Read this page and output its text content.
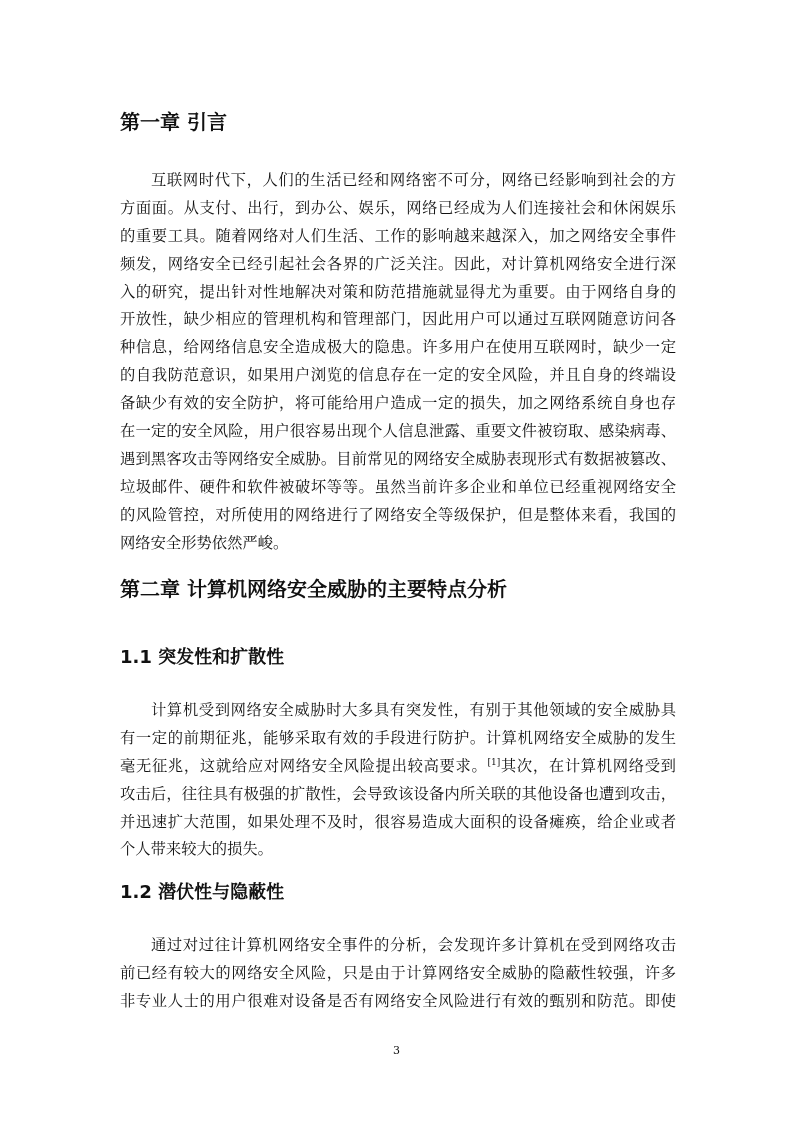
第一章 引言
互联网时代下，人们的生活已经和网络密不可分，网络已经影响到社会的方
方面面。从支付、出行，到办公、娱乐，网络已经成为人们连接社会和休闲娱乐
的重要工具。随着网络对人们生活、工作的影响越来越深入，加之网络安全事件
频发，网络安全已经引起社会各界的广泛关注。因此，对计算机网络安全进行深
入的研究，提出针对性地解决对策和防范措施就显得尤为重要。由于网络自身的
开放性，缺少相应的管理机构和管理部门，因此用户可以通过互联网随意访问各
种信息，给网络信息安全造成极大的隐患。许多用户在使用互联网时，缺少一定
的自我防范意识，如果用户浏览的信息存在一定的安全风险，并且自身的终端设
备缺少有效的安全防护，将可能给用户造成一定的损失，加之网络系统自身也存
在一定的安全风险，用户很容易出现个人信息泄露、重要文件被窃取、感染病毒、
遇到黑客攻击等网络安全威胁。目前常见的网络安全威胁表现形式有数据被篡改、
垃圾邮件、硬件和软件被破坏等等。虽然当前许多企业和单位已经重视网络安全
的风险管控，对所使用的网络进行了网络安全等级保护，但是整体来看，我国的
网络安全形势依然严峻。
第二章 计算机网络安全威胁的主要特点分析
1.1 突发性和扩散性
计算机受到网络安全威胁时大多具有突发性，有别于其他领域的安全威胁具
有一定的前期征兆，能够采取有效的手段进行防护。计算机网络安全威胁的发生
毫无征兆，这就给应对网络安全风险提出较高要求。[1]其次，在计算机网络受到
攻击后，往往具有极强的扩散性，会导致该设备内所关联的其他设备也遭到攻击，
并迅速扩大范围，如果处理不及时，很容易造成大面积的设备瘫痪，给企业或者
个人带来较大的损失。
1.2 潜伏性与隐蔽性
通过对过往计算机网络安全事件的分析，会发现许多计算机在受到网络攻击
前已经有较大的网络安全风险，只是由于计算网络安全威胁的隐蔽性较强，许多
非专业人士的用户很难对设备是否有网络安全风险进行有效的甄别和防范。即使
3
